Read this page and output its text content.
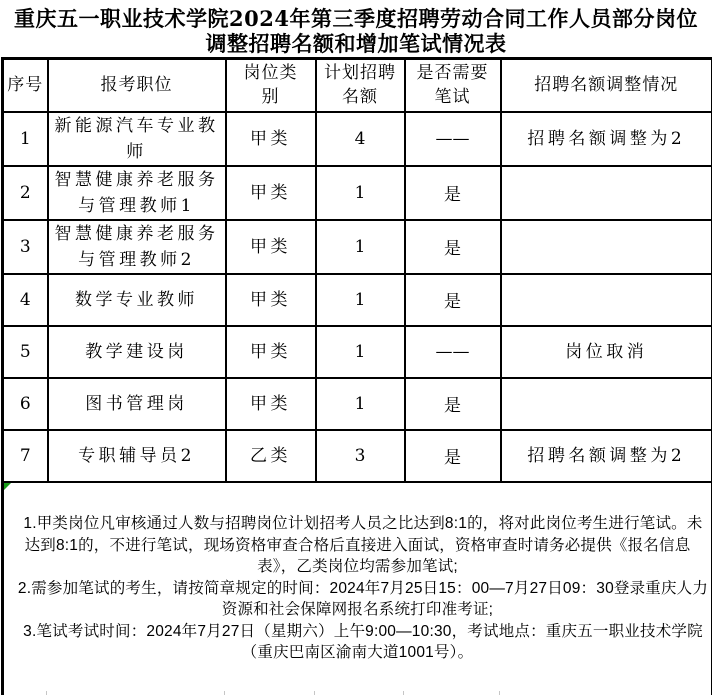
重庆五一职业技术学院2024年第三季度招聘劳动合同工作人员部分岗位
调整招聘名额和增加笔试情况表
序号	报考职位	岗位类别	计划招聘名额	是否需要笔试	招聘名额调整情况
1	新能源汽车专业教师	甲类	4	——	招聘名额调整为2
2	智慧健康养老服务与管理教师1	甲类	1	是	
3	智慧健康养老服务与管理教师2	甲类	1	是	
4	数学专业教师	甲类	1	是	
5	教学建设岗	甲类	1	——	岗位取消
6	图书管理岗	甲类	1	是	
7	专职辅导员2	乙类	3	是	招聘名额调整为2

1.甲类岗位凡审核通过人数与招聘岗位计划招考人员之比达到8:1的，将对此岗位考生进行笔试。未达到8:1的，不进行笔试，现场资格审查合格后直接进入面试，资格审查时请务必提供《报名信息表》，乙类岗位均需参加笔试;

2.需参加笔试的考生，请按简章规定的时间：2024年7月25日15：00—7月27日09：30登录重庆人力资源和社会保障网报名系统打印准考证;

3.笔试考试时间：2024年7月27日（星期六）上午9:00—10:30，考试地点：重庆五一职业技术学院（重庆巴南区渝南大道1001号）。					
